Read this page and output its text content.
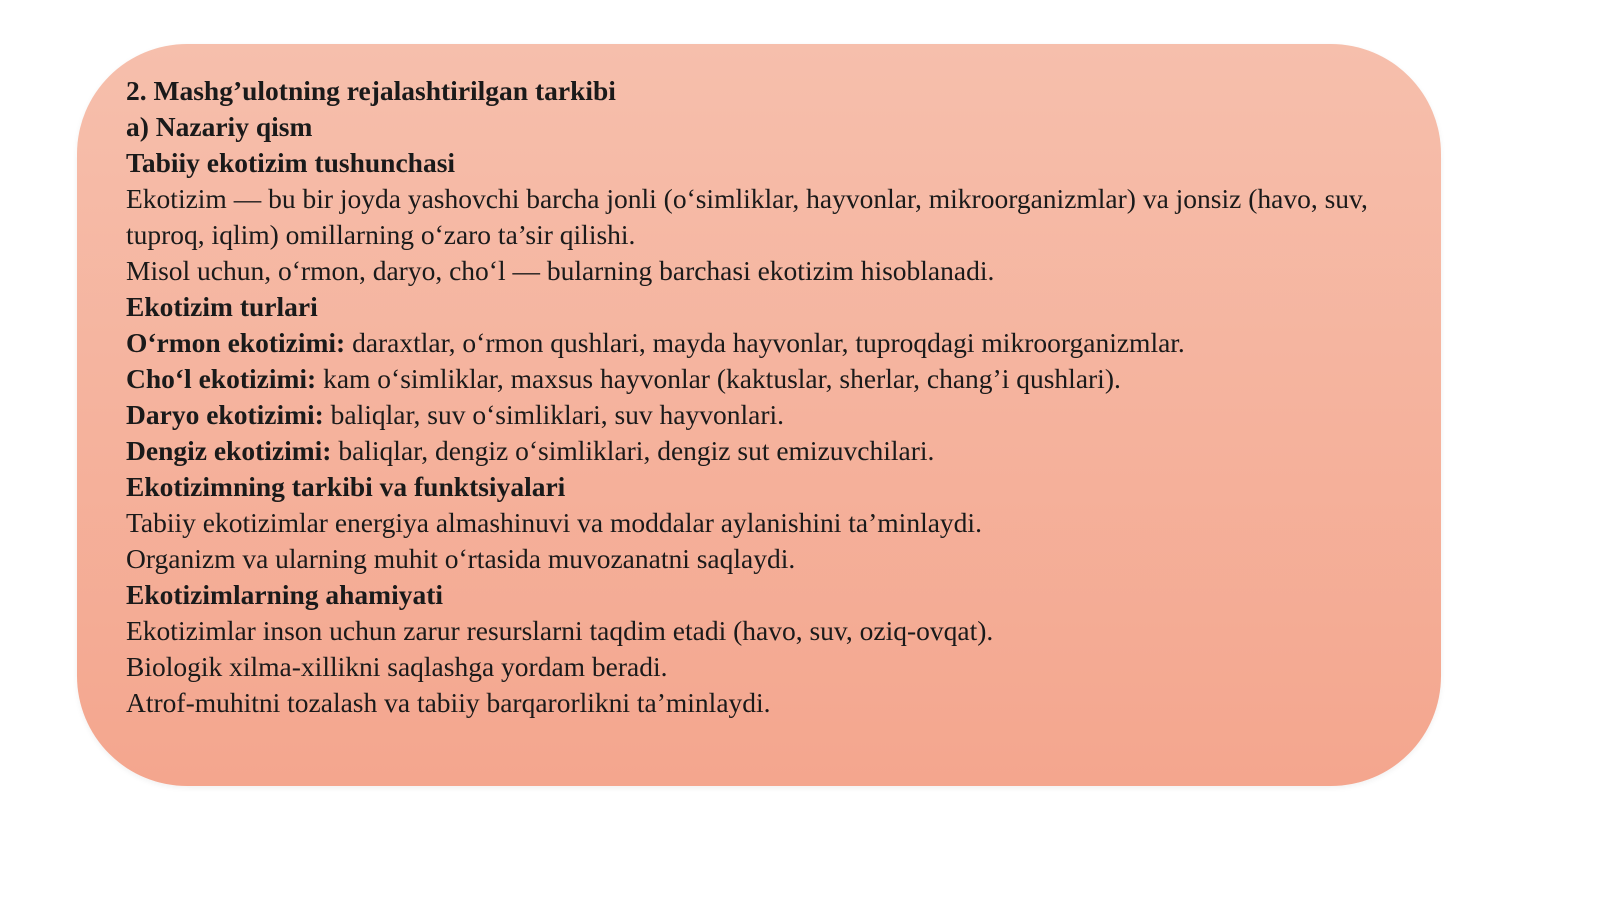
2. Mashg’ulotning rejalashtirilgan tarkibi
a) Nazariy qism
Tabiiy ekotizim tushunchasi
Ekotizim — bu bir joyda yashovchi barcha jonli (o‘simliklar, hayvonlar, mikroorganizmlar) va jonsiz (havo, suv, tuproq, iqlim) omillarning o‘zaro ta’sir qilishi.
Misol uchun, o‘rmon, daryo, cho‘l — bularning barchasi ekotizim hisoblanadi.
Ekotizim turlari
O‘rmon ekotizimi: daraxtlar, o‘rmon qushlari, mayda hayvonlar, tuproqdagi mikroorganizmlar.
Cho‘l ekotizimi: kam o‘simliklar, maxsus hayvonlar (kaktuslar, sherlar, chang’i qushlari).
Daryo ekotizimi: baliqlar, suv o‘simliklari, suv hayvonlari.
Dengiz ekotizimi: baliqlar, dengiz o‘simliklari, dengiz sut emizuvchilari.
Ekotizimning tarkibi va funktsiyalari
Tabiiy ekotizimlar energiya almashinuvi va moddalar aylanishini ta’minlaydi.
Organizm va ularning muhit o‘rtasida muvozanatni saqlaydi.
Ekotizimlarning ahamiyati
Ekotizimlar inson uchun zarur resurslarni taqdim etadi (havo, suv, oziq-ovqat).
Biologik xilma-xillikni saqlashga yordam beradi.
Atrof-muhitni tozalash va tabiiy barqarorlikni ta’minlaydi.
